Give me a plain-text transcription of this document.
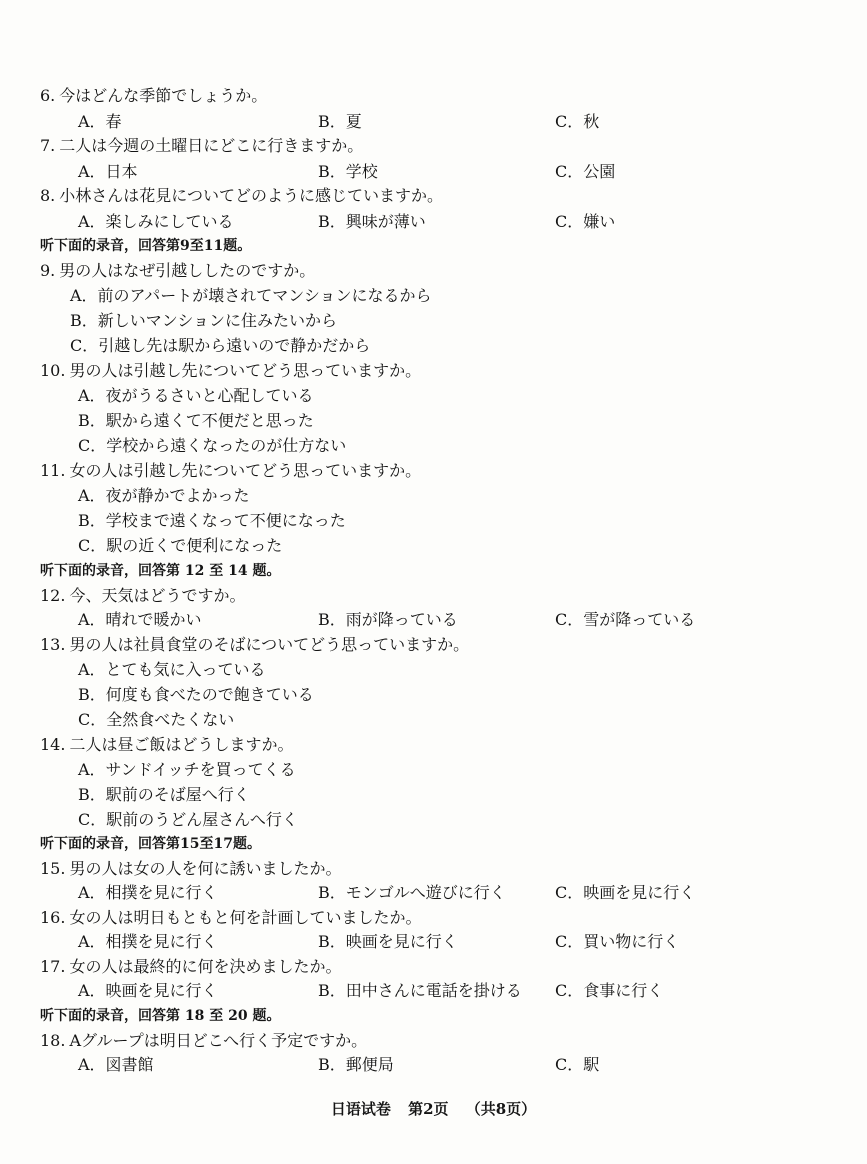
6. 今はどんな季節でしょうか。
A．春	B．夏	C．秋
7. 二人は今週の土曜日にどこに行きますか。
A．日本	B．学校	C．公園
8. 小林さんは花見についてどのように感じていますか。
A．楽しみにしている	B．興味が薄い	C．嫌い
听下面的录音，回答第9至11题。
9. 男の人はなぜ引越ししたのですか。
A．前のアパートが壊されてマンションになるから
B．新しいマンションに住みたいから
C．引越し先は駅から遠いので静かだから
10. 男の人は引越し先についてどう思っていますか。
A．夜がうるさいと心配している
B．駅から遠くて不便だと思った
C．学校から遠くなったのが仕方ない
11. 女の人は引越し先についてどう思っていますか。
A．夜が静かでよかった
B．学校まで遠くなって不便になった
C．駅の近くで便利になった
听下面的录音，回答第 12 至 14 题。
12. 今、天気はどうですか。
A．晴れで暖かい	B．雨が降っている	C．雪が降っている
13. 男の人は社員食堂のそばについてどう思っていますか。
A．とても気に入っている
B．何度も食べたので飽きている
C．全然食べたくない
14. 二人は昼ご飯はどうしますか。
A．サンドイッチを買ってくる
B．駅前のそば屋へ行く
C．駅前のうどん屋さんへ行く
听下面的录音，回答第15至17题。
15. 男の人は女の人を何に誘いましたか。
A．相撲を見に行く	B．モンゴルへ遊びに行く	C．映画を見に行く
16. 女の人は明日もともと何を計画していましたか。
A．相撲を見に行く	B．映画を見に行く	C．買い物に行く
17. 女の人は最終的に何を決めましたか。
A．映画を見に行く	B．田中さんに電話を掛ける C．食事に行く
听下面的录音，回答第 18 至 20 题。
18. Aグループは明日どこへ行く予定ですか。
A．図書館	B．郵便局	C．駅
日语试卷 第2页 （共8页）
